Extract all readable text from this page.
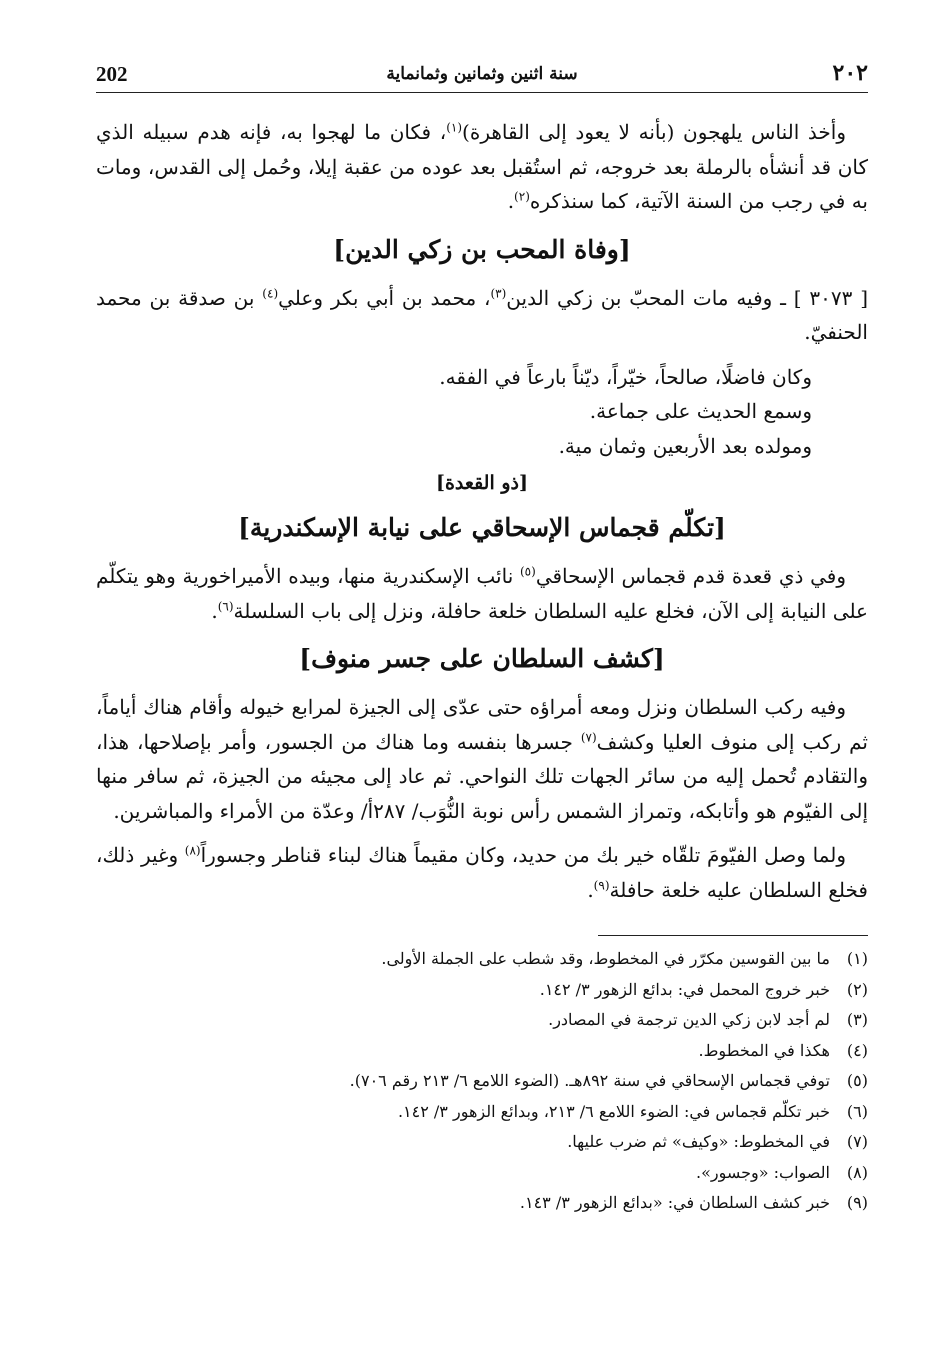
202	سنة اثنين وثمانين وثمانماية	٢٠٢

وأخذ الناس يلهجون (بأنه لا يعود إلى القاهرة)$^{(١)}$، فكان ما لهجوا به، فإنه هدم سبيله الذي كان قد أنشأه بالرملة بعد خروجه، ثم استُقبل بعد عوده من عقبة إيلا، وحُمل إلى القدس، ومات به في رجب من السنة الآتية، كما سنذكره$^{(٢)}$.

[وفاة المحب بن زكي الدين]

[ ٣٠٧٣ ] ـ وفيه مات المحبّ بن زكي الدين$^{(٣)}$، محمد بن أبي بكر وعلي$^{(٤)}$ بن صدقة بن محمد الحنفيّ.

وكان فاضلًا، صالحاً، خيّراً، ديّناً بارعاً في الفقه.

وسمع الحديث على جماعة.

ومولده بعد الأربعين وثمان مية.

[ذو القعدة]
[تكلّم قجماس الإسحاقي على نيابة الإسكندرية]

وفي ذي قعدة قدم قجماس الإسحاقي$^{(٥)}$ نائب الإسكندرية منها، وبيده الأميراخورية وهو يتكلّم على النيابة إلى الآن، فخلع عليه السلطان خلعة حافلة، ونزل إلى باب السلسلة$^{(٦)}$.

[كشف السلطان على جسر منوف]

وفيه ركب السلطان ونزل ومعه أمراؤه حتى عدّى إلى الجيزة لمرابع خيوله وأقام هناك أياماً، ثم ركب إلى منوف العليا وكشف$^{(٧)}$ جسرها بنفسه وما هناك من الجسور، وأمر بإصلاحها، هذا، والتقادم تُحمل إليه من سائر الجهات تلك النواحي. ثم عاد إلى مجيئه من الجيزة، ثم سافر منها إلى الفيّوم هو وأتابكه، وتمراز الشمس رأس نوبة النُّوَب/ ٢٨٧أ/ وعدّة من الأمراء والمباشرين.

ولما وصل الفيّومَ تلقّاه خير بك من حديد، وكان مقيماً هناك لبناء قناطر وجسوراً$^{(٨)}$ وغير ذلك، فخلع السلطان عليه خلعة حافلة$^{(٩)}$.

(١)
ما بين القوسين مكرّر في المخطوط، وقد شطب على الجملة الأولى.
(٢)
خبر خروج المحمل في: بدائع الزهور ٣/ ١٤٢.
(٣)
لم أجد لابن زكي الدين ترجمة في المصادر.
(٤)
هكذا في المخطوط.
(٥)
توفي قجماس الإسحاقي في سنة ٨٩٢هـ. (الضوء اللامع ٦/ ٢١٣ رقم ٧٠٦).
(٦)
خبر تكلّم قجماس في: الضوء اللامع ٦/ ٢١٣، وبدائع الزهور ٣/ ١٤٢.
(٧)
في المخطوط: «وكيف» ثم ضرب عليها.
(٨)
الصواب: «وجسور».
(٩)
خبر كشف السلطان في: «بدائع الزهور ٣/ ١٤٣.
